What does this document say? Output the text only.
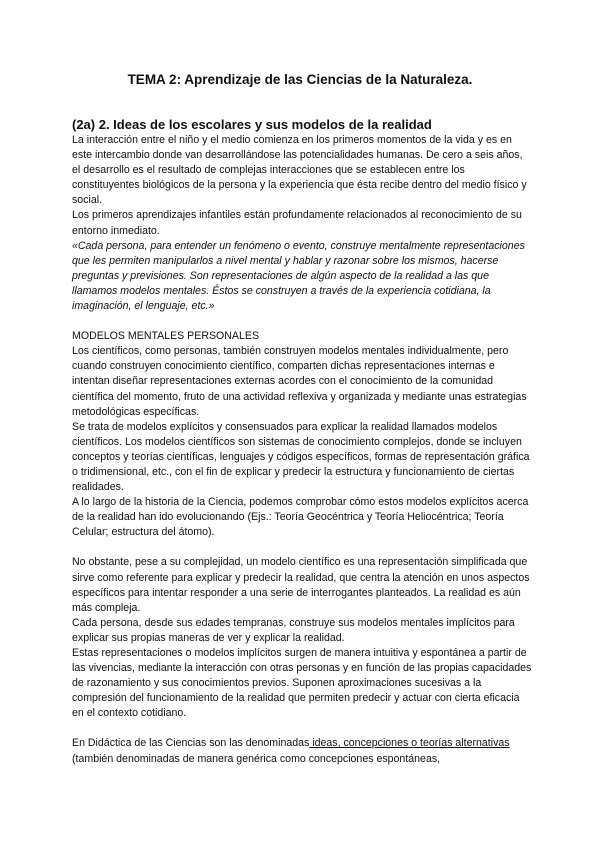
TEMA 2: Aprendizaje de las Ciencias de la Naturaleza.

(2a) 2. Ideas de los escolares y sus modelos de la realidad

La interacción entre el niño y el medio comienza en los primeros momentos de la vida y es en este intercambio donde van desarrollándose las potencialidades humanas. De cero a seis años, el desarrollo es el resultado de complejas interacciones que se establecen entre los constituyentes biológicos de la persona y la experiencia que ésta recibe dentro del medio físico y social.

Los primeros aprendizajes infantiles están profundamente relacionados al reconocimiento de su entorno inmediato.

«Cada persona, para entender un fenómeno o evento, construye mentalmente representaciones que les permiten manipularlos a nivel mental y hablar y razonar sobre los mismos, hacerse preguntas y previsiones. Son representaciones de algún aspecto de la realidad a las que llamamos modelos mentales. Éstos se construyen a través de la experiencia cotidiana, la imaginación, el lenguaje, etc.»

MODELOS MENTALES PERSONALES

Los científicos, como personas, también construyen modelos mentales individualmente, pero cuando construyen conocimiento científico, comparten dichas representaciones internas e intentan diseñar representaciones externas acordes con el conocimiento de la comunidad científica del momento, fruto de una actividad reflexiva y organizada y mediante unas estrategias metodológicas específicas.

Se trata de modelos explícitos y consensuados para explicar la realidad llamados modelos científicos. Los modelos científicos son sistemas de conocimiento complejos, donde se incluyen conceptos y teorías científicas, lenguajes y códigos específicos, formas de representación gráfica o tridimensional, etc., con el fin de explicar y predecir la estructura y funcionamiento de ciertas realidades.

A lo largo de la historia de la Ciencia, podemos comprobar cómo estos modelos explícitos acerca de la realidad han ido evolucionando (Ejs.: Teoría Geocéntrica y Teoría Heliocéntrica; Teoría Celular; estructura del átomo).

No obstante, pese a su complejidad, un modelo científico es una representación simplificada que sirve como referente para explicar y predecir la realidad, que centra la atención en unos aspectos específicos para intentar responder a una serie de interrogantes planteados. La realidad es aún más compleja.

Cada persona, desde sus edades tempranas, construye sus modelos mentales implícitos para explicar sus propias maneras de ver y explicar la realidad.

Estas representaciones o modelos implícitos surgen de manera intuitiva y espontánea a partir de las vivencias, mediante la interacción con otras personas y en función de las propias capacidades de razonamiento y sus conocimientos previos. Suponen aproximaciones sucesivas a la compresión del funcionamiento de la realidad que permiten predecir y actuar con cierta eficacia en el contexto cotidiano.

En Didáctica de las Ciencias son las denominadas ideas, concepciones o teorías alternativas (también denominadas de manera genérica como concepciones espontáneas,
